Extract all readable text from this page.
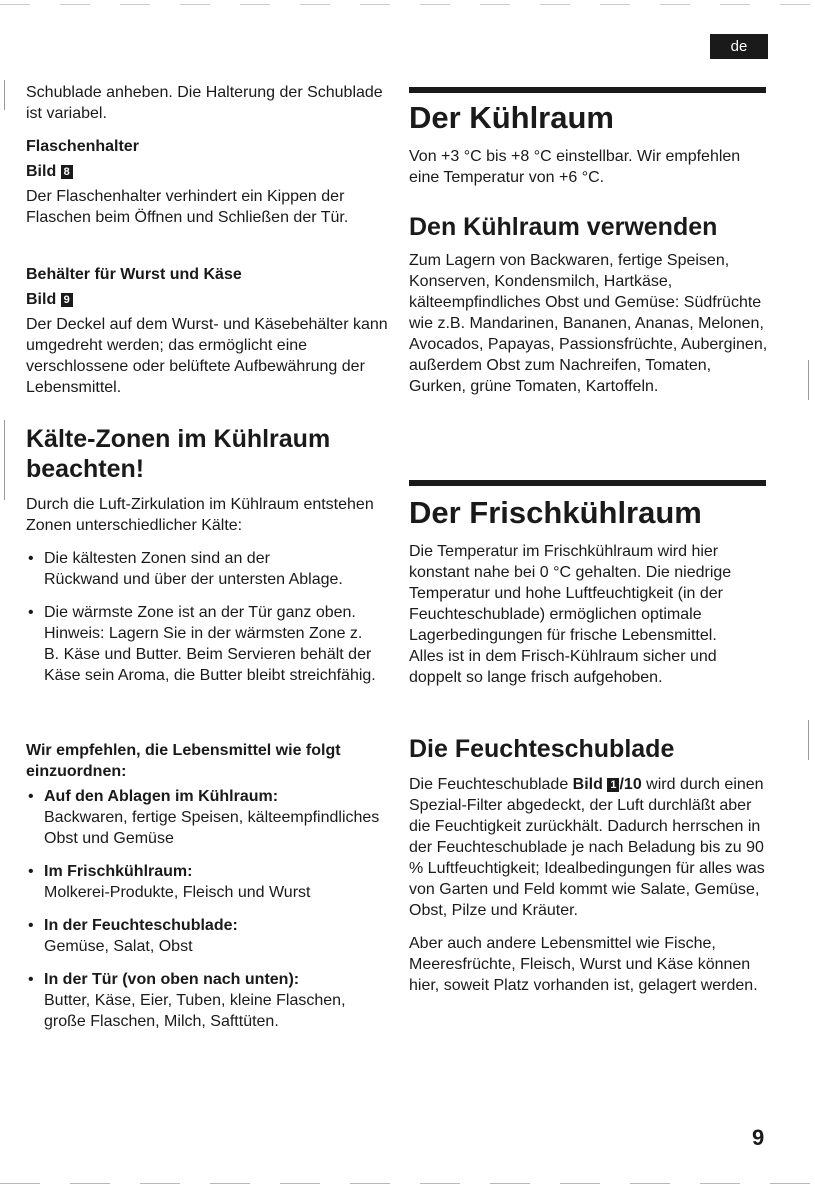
de
Schublade anheben. Die Halterung der Schublade ist variabel.
Flaschenhalter
Bild 8
Der Flaschenhalter verhindert ein Kippen der Flaschen beim Öffnen und Schließen der Tür.
Behälter für Wurst und Käse
Bild 9
Der Deckel auf dem Wurst- und Käsebehälter kann umgedreht werden; das ermöglicht eine verschlossene oder belüftete Aufbewährung der Lebensmittel.
Kälte-Zonen im Kühlraum beachten!
Durch die Luft-Zirkulation im Kühlraum entstehen Zonen unterschiedlicher Kälte:
• Die kältesten Zonen sind an der Rückwand und über der untersten Ablage.
• Die wärmste Zone ist an der Tür ganz oben. Hinweis: Lagern Sie in der wärmsten Zone z. B. Käse und Butter. Beim Servieren behält der Käse sein Aroma, die Butter bleibt streichfähig.
Wir empfehlen, die Lebensmittel wie folgt einzuordnen:
• Auf den Ablagen im Kühlraum:
Backwaren, fertige Speisen, kälteempfindliches Obst und Gemüse
• Im Frischkühlraum:
Molkerei-Produkte, Fleisch und Wurst
• In der Feuchteschublade:
Gemüse, Salat, Obst
• In der Tür (von oben nach unten):
Butter, Käse, Eier, Tuben, kleine Flaschen, große Flaschen, Milch, Safttüten.
Der Kühlraum
Von +3 °C bis +8 °C einstellbar. Wir empfehlen eine Temperatur von +6 °C.
Den Kühlraum verwenden
Zum Lagern von Backwaren, fertige Speisen, Konserven, Kondensmilch, Hartkäse, kälteempfindliches Obst und Gemüse: Südfrüchte wie z.B. Mandarinen, Bananen, Ananas, Melonen, Avocados, Papayas, Passionsfrüchte, Auberginen, außerdem Obst zum Nachreifen, Tomaten, Gurken, grüne Tomaten, Kartoffeln.
Der Frischkühlraum
Die Temperatur im Frischkühlraum wird hier konstant nahe bei 0 °C gehalten. Die niedrige Temperatur und hohe Luftfeuchtigkeit (in der Feuchteschublade) ermöglichen optimale Lagerbedingungen für frische Lebensmittel.
Alles ist in dem Frisch-Kühlraum sicher und doppelt so lange frisch aufgehoben.
Die Feuchteschublade
Die Feuchteschublade Bild 1 /10 wird durch einen Spezial-Filter abgedeckt, der Luft durchläßt aber die Feuchtigkeit zurückhält. Dadurch herrschen in der Feuchteschublade je nach Beladung bis zu 90 % Luftfeuchtigkeit; Idealbedingungen für alles was von Garten und Feld kommt wie Salate, Gemüse, Obst, Pilze und Kräuter.
Aber auch andere Lebensmittel wie Fische, Meeresfrüchte, Fleisch, Wurst und Käse können hier, soweit Platz vorhanden ist, gelagert werden.
9
